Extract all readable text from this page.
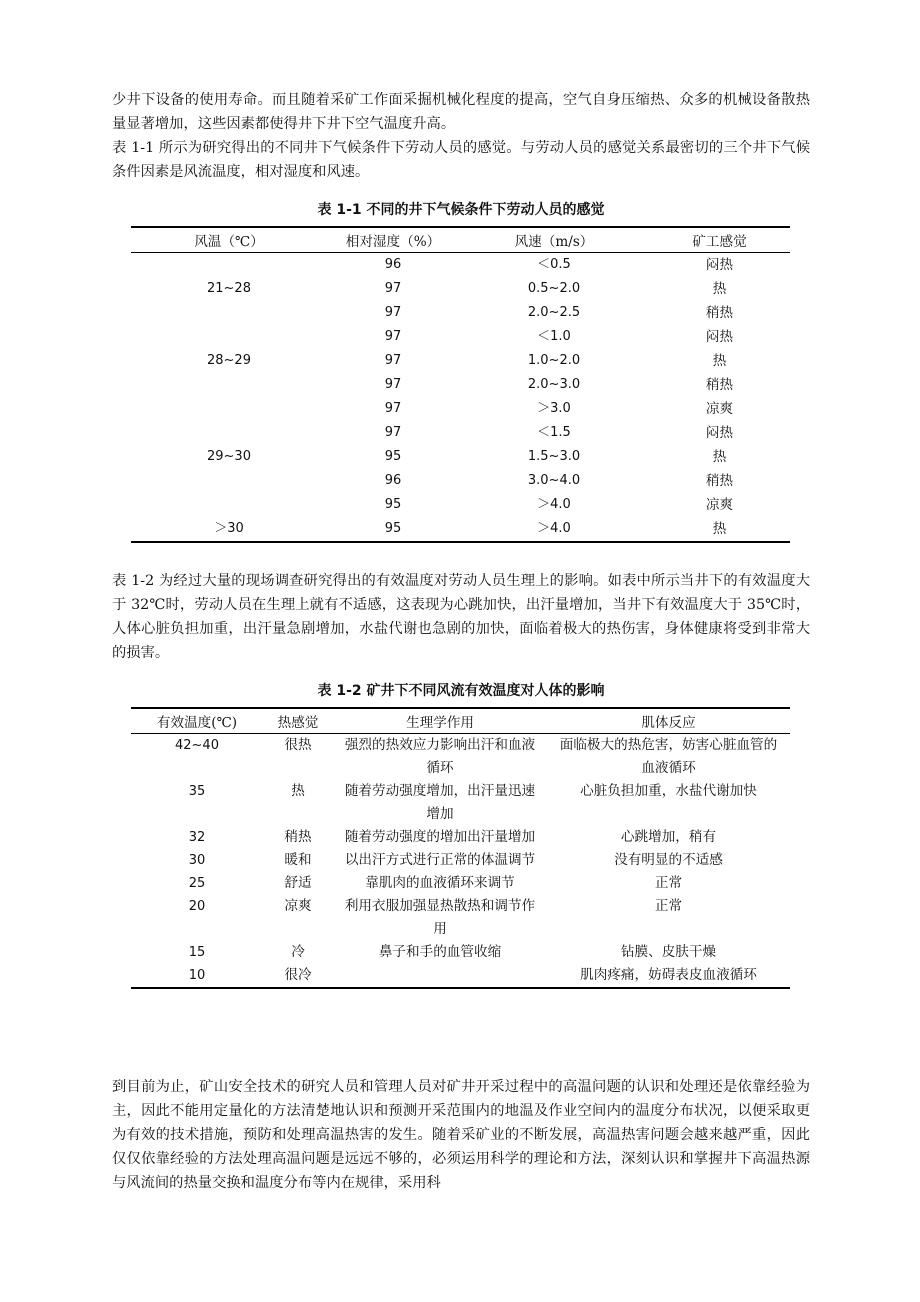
少井下设备的使用寿命。而且随着采矿工作面采掘机械化程度的提高，空气自身压缩热、众多的机械设备散热量显著增加，这些因素都使得井下井下空气温度升高。

表 1-1 所示为研究得出的不同井下气候条件下劳动人员的感觉。与劳动人员的感觉关系最密切的三个井下气候条件因素是风流温度，相对湿度和风速。

表 1-1 不同的井下气候条件下劳动人员的感觉
风温（℃）	相对湿度（%）	风速（m/s）	矿工感觉
21~28	96	＜0.5	闷热
	97	0.5~2.0	热
	97	2.0~2.5	稍热
28~29	97	＜1.0	闷热
	97	1.0~2.0	热
	97	2.0~3.0	稍热
	97	＞3.0	凉爽
29~30	97	＜1.5	闷热
	95	1.5~3.0	热
	96	3.0~4.0	稍热
	95	＞4.0	凉爽
＞30	95	＞4.0	热

表 1-2 为经过大量的现场调查研究得出的有效温度对劳动人员生理上的影响。如表中所示当井下的有效温度大于 32℃时，劳动人员在生理上就有不适感，这表现为心跳加快，出汗量增加，当井下有效温度大于 35℃时，人体心脏负担加重，出汗量急剧增加，水盐代谢也急剧的加快，面临着极大的热伤害，身体健康将受到非常大的损害。

表 1-2 矿井下不同风流有效温度对人体的影响
有效温度(℃)	热感觉	生理学作用	肌体反应
42~40	很热	强烈的热效应力影响出汗和血液循环	面临极大的热危害，妨害心脏血管的血液循环
35	热	随着劳动强度增加，出汗量迅速增加	心脏负担加重，水盐代谢加快
32	稍热	随着劳动强度的增加出汗量增加	心跳增加，稍有
30	暖和	以出汗方式进行正常的体温调节	没有明显的不适感
25	舒适	靠肌肉的血液循环来调节	正常
20	凉爽	利用衣服加强显热散热和调节作用	正常
15	冷	鼻子和手的血管收缩	钻膜、皮肤干燥
10	很冷		肌肉疼痛，妨碍表皮血液循环

到目前为止，矿山安全技术的研究人员和管理人员对矿井开采过程中的高温问题的认识和处理还是依靠经验为主，因此不能用定量化的方法清楚地认识和预测开采范围内的地温及作业空间内的温度分布状况，以便采取更为有效的技术措施，预防和处理高温热害的发生。随着采矿业的不断发展，高温热害问题会越来越严重，因此仅仅依靠经验的方法处理高温问题是远远不够的，必须运用科学的理论和方法，深刻认识和掌握井下高温热源与风流间的热量交换和温度分布等内在规律，采用科
